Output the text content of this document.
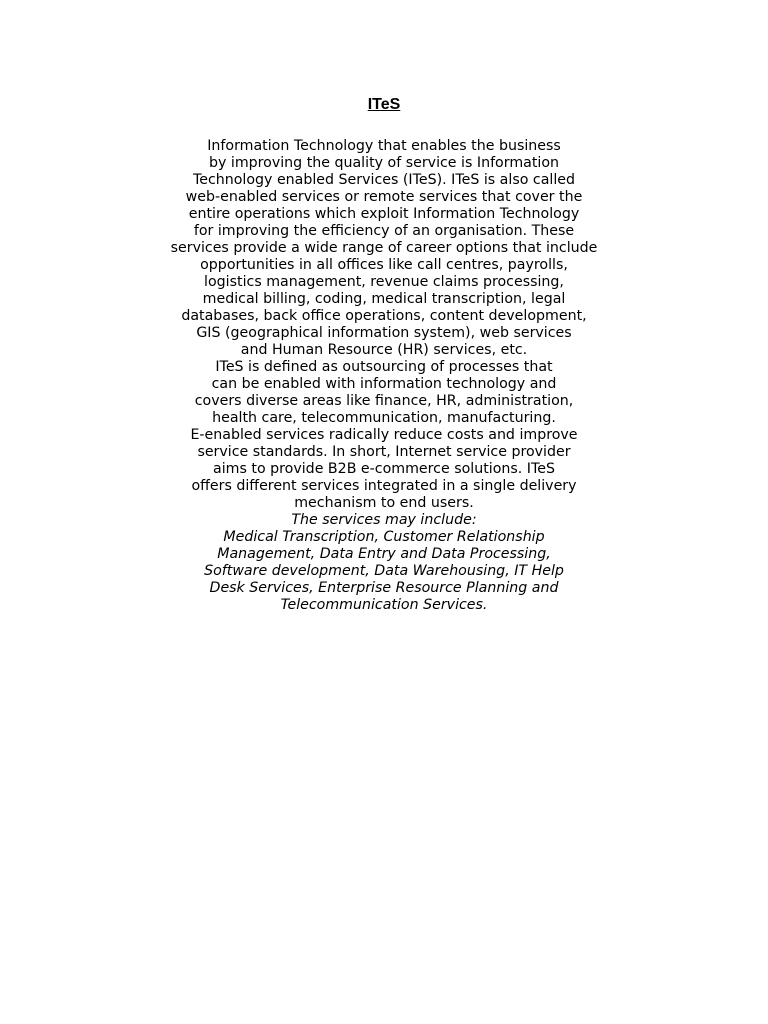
ITeS
Information Technology that enables the business
by improving the quality of service is Information
Technology enabled Services (ITeS). ITeS is also called
web-enabled services or remote services that cover the
entire operations which exploit Information Technology
for improving the efficiency of an organisation. These
services provide a wide range of career options that include
opportunities in all offices like call centres, payrolls,
logistics management, revenue claims processing,
medical billing, coding, medical transcription, legal
databases, back office operations, content development,
GIS (geographical information system), web services
and Human Resource (HR) services, etc.
ITeS is defined as outsourcing of processes that
can be enabled with information technology and
covers diverse areas like finance, HR, administration,
health care, telecommunication, manufacturing.
E-enabled services radically reduce costs and improve
service standards. In short, Internet service provider
aims to provide B2B e-commerce solutions. ITeS
offers different services integrated in a single delivery
mechanism to end users.
The services may include:
Medical Transcription, Customer Relationship
Management, Data Entry and Data Processing,
Software development, Data Warehousing, IT Help
Desk Services, Enterprise Resource Planning and
Telecommunication Services.
